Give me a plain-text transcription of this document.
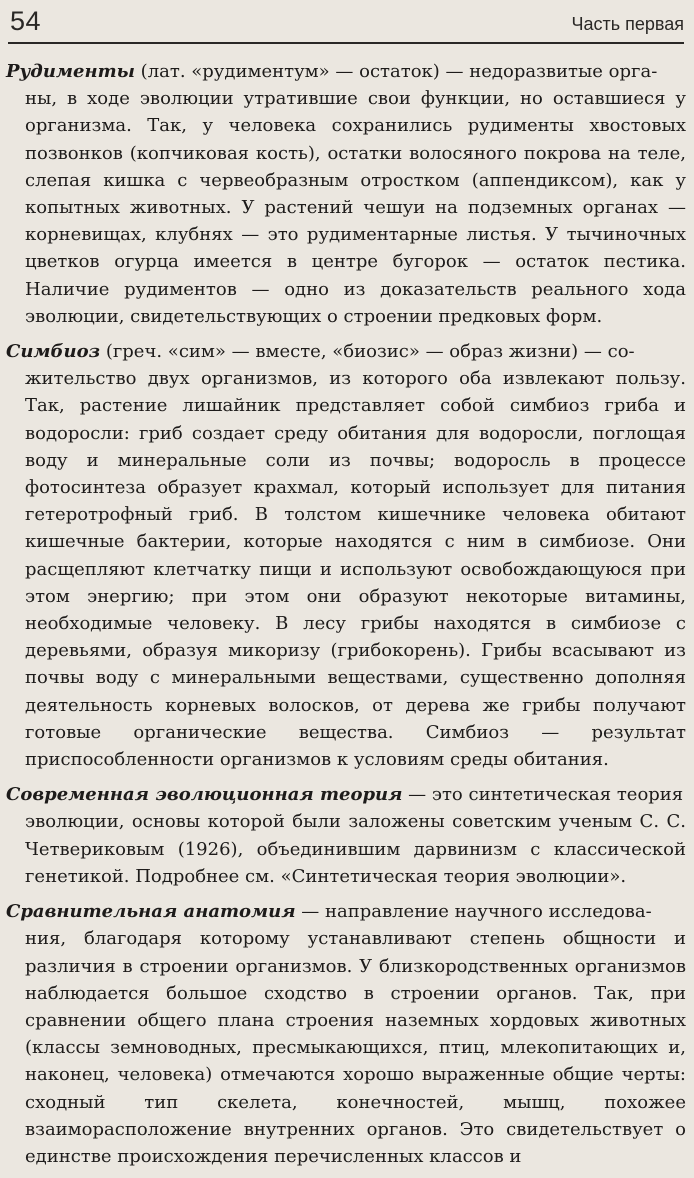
54	Часть первая

Рудименты (лат. «рудиментум» — остаток) — недоразвитые орга-
ны, в ходе эволюции утратившие свои функции, но оставшиеся у организма. Так, у человека сохранились рудименты хвостовых позвонков (копчиковая кость), остатки волосяного покрова на теле, слепая кишка с червеобразным отростком (аппендиксом), как у копытных животных. У растений чешуи на подземных органах — корневищах, клубнях — это рудиментарные листья. У тычиночных цветков огурца имеется в центре бугорок — остаток пестика. Наличие рудиментов — одно из доказательств реального хода эволюции, свидетельствующих о строении предковых форм.

Симбиоз (греч. «сим» — вместе, «биозис» — образ жизни) — со-
жительство двух организмов, из которого оба извлекают пользу. Так, растение лишайник представляет собой симбиоз гриба и водоросли: гриб создает среду обитания для водоросли, поглощая воду и минеральные соли из почвы; водоросль в процессе фотосинтеза образует крахмал, который использует для питания гетеротрофный гриб. В толстом кишечнике человека обитают кишечные бактерии, которые находятся с ним в симбиозе. Они расщепляют клетчатку пищи и используют освобождающуюся при этом энергию; при этом они образуют некоторые витамины, необходимые человеку. В лесу грибы находятся в симбиозе с деревьями, образуя микоризу (грибокорень). Грибы всасывают из почвы воду с минеральными веществами, существенно дополняя деятельность корневых волосков, от дерева же грибы получают готовые органические вещества. Симбиоз — результат приспособленности организмов к условиям среды обитания.

Современная эволюционная теория — это синтетическая теория
эволюции, основы которой были заложены советским ученым С. С. Четвериковым (1926), объединившим дарвинизм с классической генетикой. Подробнее см. «Синтетическая теория эволюции».

Сравнительная анатомия — направление научного исследова-
ния, благодаря которому устанавливают степень общности и различия в строении организмов. У близкородственных организмов наблюдается большое сходство в строении органов. Так, при сравнении общего плана строения наземных хордовых животных (классы земноводных, пресмыкающихся, птиц, млекопитающих и, наконец, человека) отмечаются хорошо выраженные общие черты: сходный тип скелета, конечностей, мышц, похожее взаиморасположение внутренних органов. Это свидетельствует о единстве происхождения перечисленных классов и
